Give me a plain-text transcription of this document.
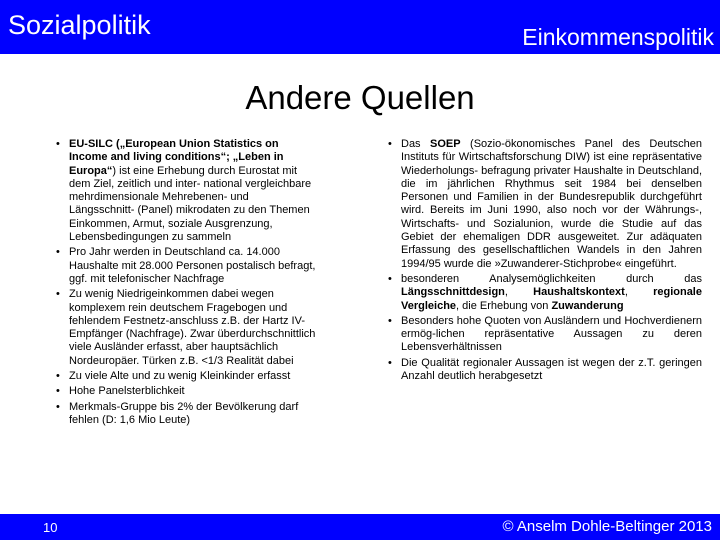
Sozialpolitik	Einkommenspolitik
Andere Quellen
• EU-SILC („European Union Statistics on Income and living conditions“; „Leben in Europa“) ist eine Erhebung durch Eurostat mit dem Ziel, zeitlich und inter- national vergleichbare mehrdimensionale Mehrebenen- und Längsschnitt- (Panel) mikrodaten zu den Themen Einkommen, Armut, soziale Ausgrenzung, Lebensbedingungen zu sammeln
• Pro Jahr werden in Deutschland ca. 14.000 Haushalte mit 28.000 Personen postalisch befragt, ggf. mit telefonischer Nachfrage
• Zu wenig Niedrigeinkommen dabei wegen komplexem rein deutschem Fragebogen und fehlendem Festnetz-anschluss z.B. der Hartz IV-Empfänger (Nachfrage). Zwar überdurchschnittlich viele Ausländer erfasst, aber hauptsächlich Nordeuropäer. Türken z.B. <1/3 Realität dabei
• Zu viele Alte und zu wenig Kleinkinder erfasst
• Hohe Panelsterblichkeit
• Merkmals-Gruppe bis 2% der Bevölkerung darf fehlen (D: 1,6 Mio Leute)
• Das SOEP (Sozio-ökonomisches Panel des Deutschen Instituts für Wirtschaftsforschung DIW) ist eine repräsentative Wiederholungs- befragung privater Haushalte in Deutschland, die im jährlichen Rhythmus seit 1984 bei denselben Personen und Familien in der Bundesrepublik durchgeführt wird. Bereits im Juni 1990, also noch vor der Währungs-, Wirtschafts- und Sozialunion, wurde die Studie auf das Gebiet der ehemaligen DDR ausgeweitet. Zur adäquaten Erfassung des gesellschaftlichen Wandels in den Jahren 1994/95 wurde die »Zuwanderer-Stichprobe« eingeführt.
• besonderen Analysemöglichkeiten durch das Längsschnittdesign, Haushaltskontext, regionale Vergleiche, die Erhebung von Zuwanderung
• Besonders hohe Quoten von Ausländern und Hochverdienern ermög-lichen repräsentative Aussagen zu deren Lebensverhältnissen
• Die Qualität regionaler Aussagen ist wegen der z.T. geringen Anzahl deutlich herabgesetzt
10	© Anselm Dohle-Beltinger 2013
